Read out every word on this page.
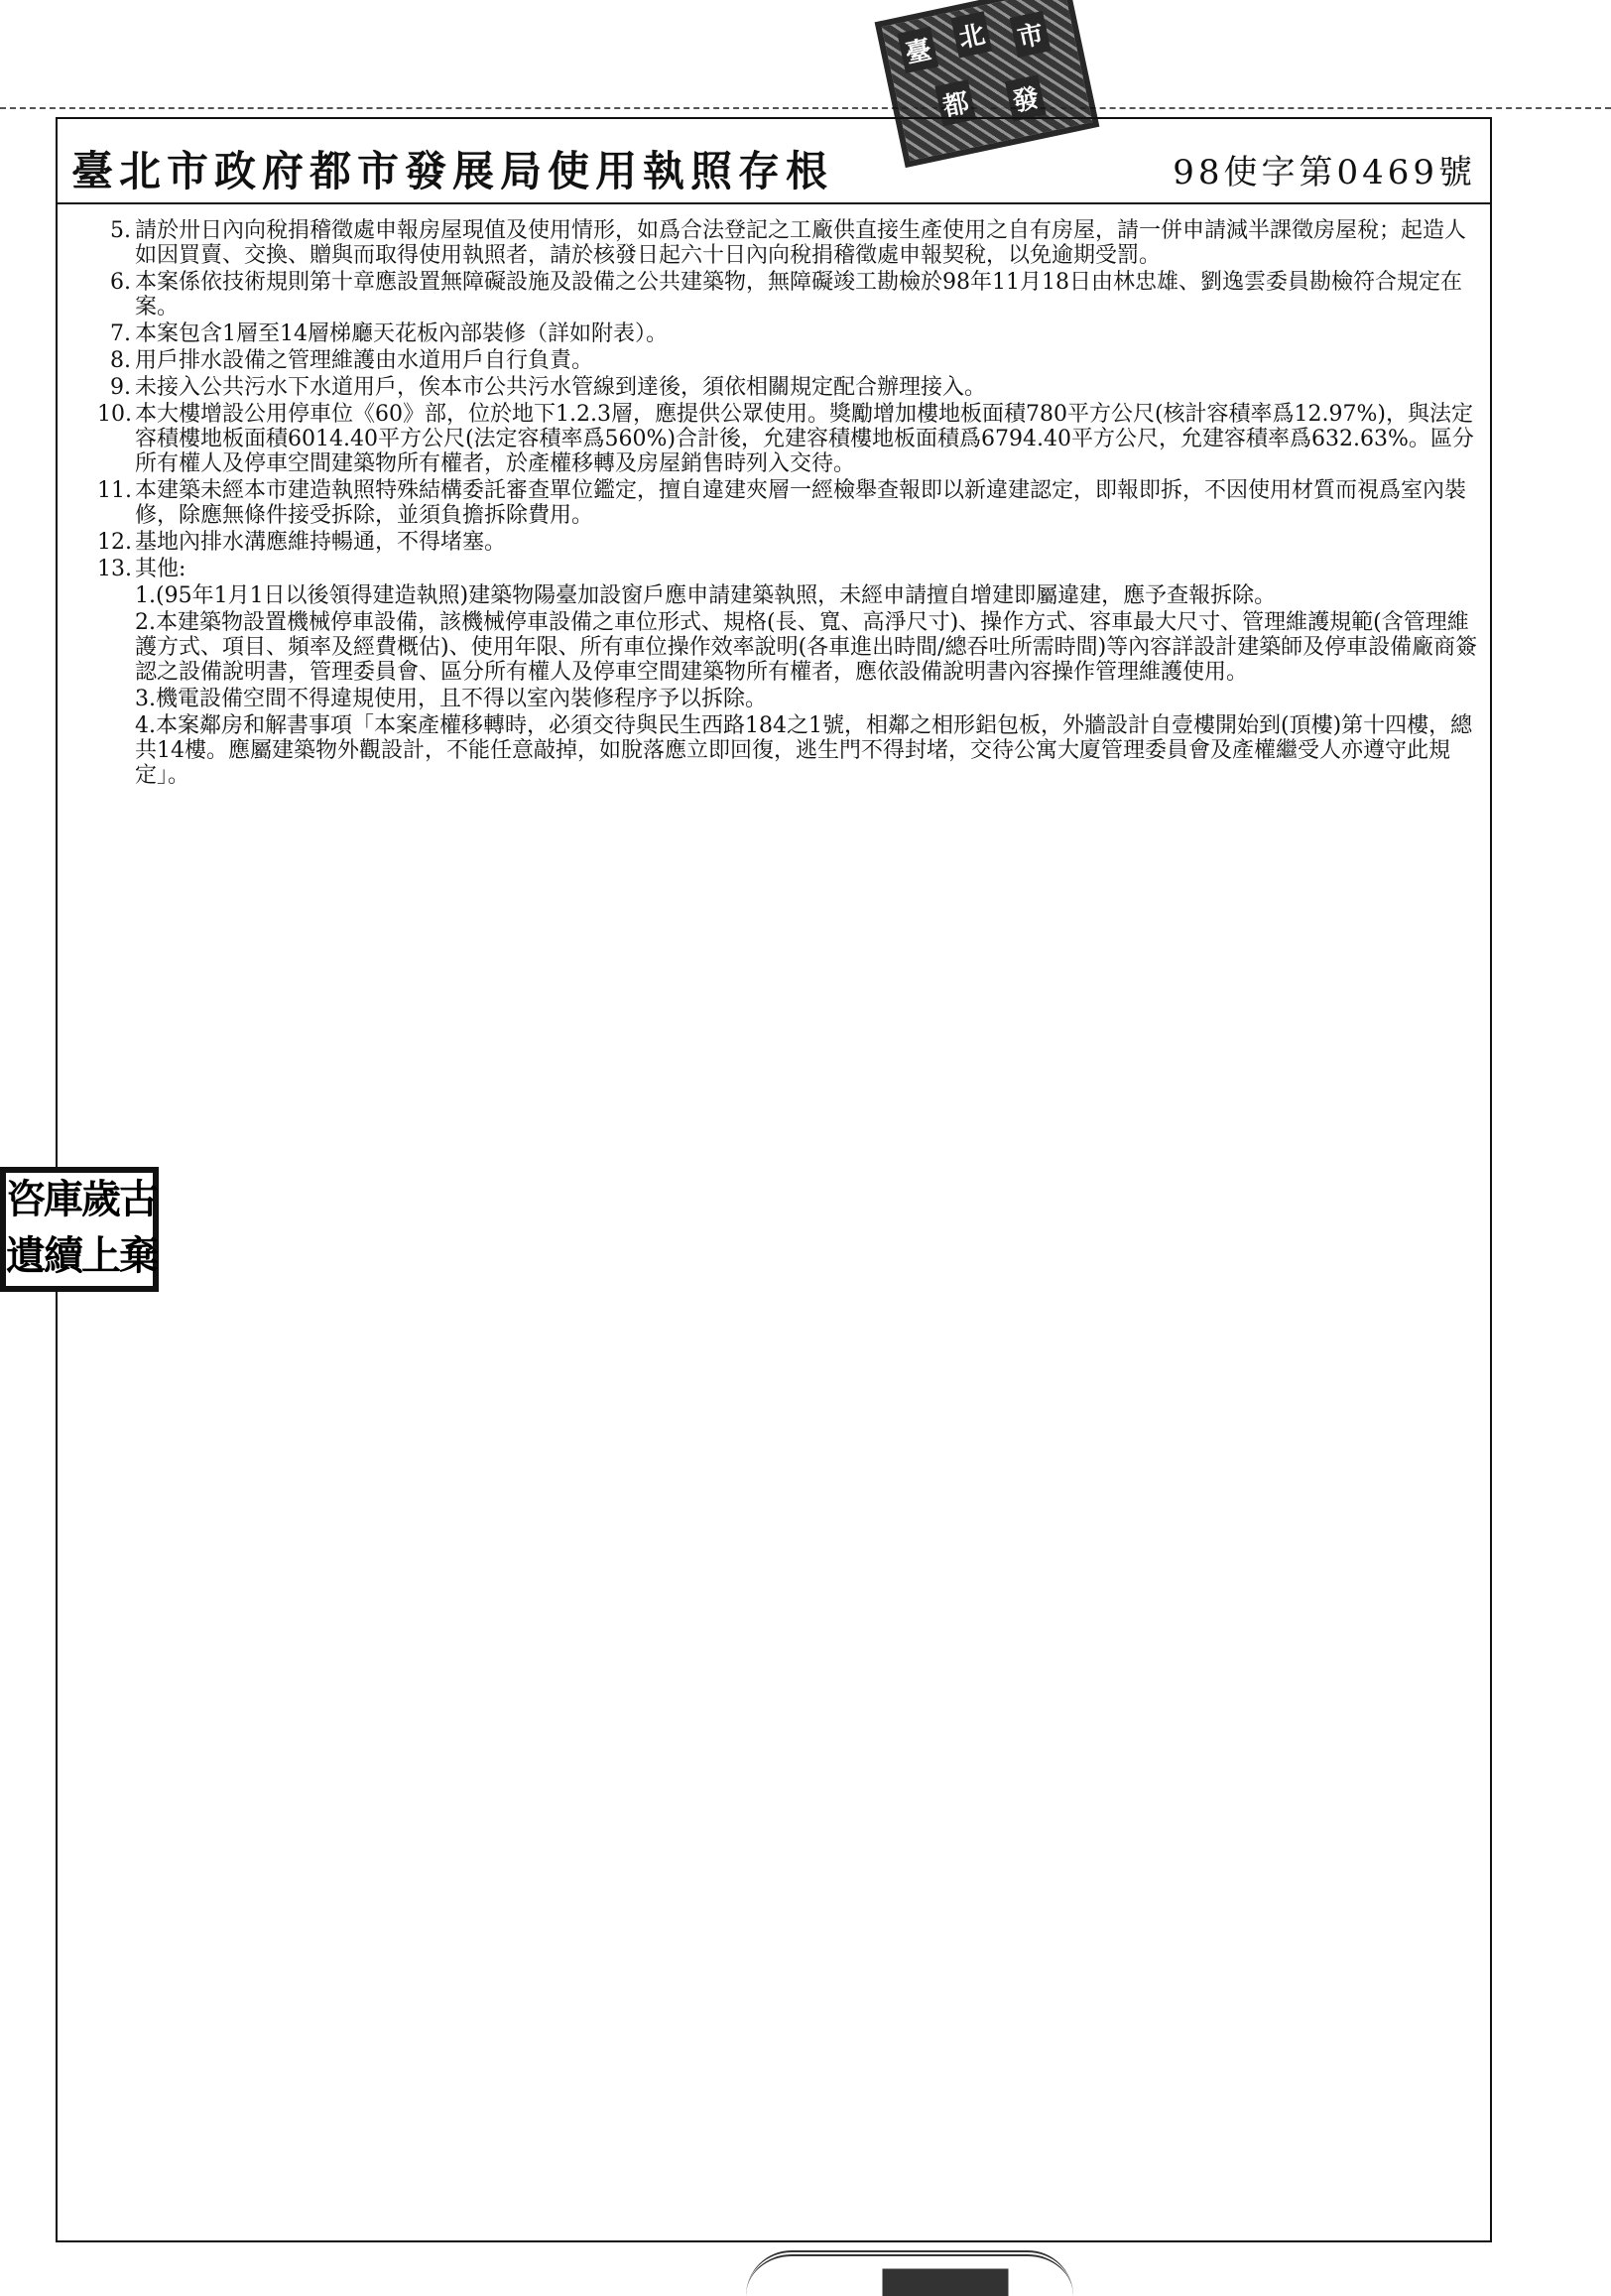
臺 北 市
都 發
臺北市政府都市發展局使用執照存根	98使字第0469號
5. 請於卅日內向稅捐稽徵處申報房屋現值及使用情形，如爲合法登記之工廠供直接生產使用之自有房屋，請一併申請減半課徵房屋稅；起造人如因買賣、交換、贈與而取得使用執照者，請於核發日起六十日內向稅捐稽徵處申報契稅，以免逾期受罰。
6. 本案係依技術規則第十章應設置無障礙設施及設備之公共建築物，無障礙竣工勘檢於98年11月18日由林忠雄、劉逸雲委員勘檢符合規定在案。
7. 本案包含1層至14層梯廳天花板內部裝修（詳如附表）。
8. 用戶排水設備之管理維護由水道用戶自行負責。
9. 未接入公共污水下水道用戶，俟本市公共污水管線到達後，須依相關規定配合辦理接入。
10. 本大樓增設公用停車位《60》部，位於地下1.2.3層，應提供公眾使用。獎勵增加樓地板面積780平方公尺(核計容積率爲12.97%)，與法定容積樓地板面積6014.40平方公尺(法定容積率爲560%)合計後，允建容積樓地板面積爲6794.40平方公尺，允建容積率爲632.63%。區分所有權人及停車空間建築物所有權者，於產權移轉及房屋銷售時列入交待。
11. 本建築未經本市建造執照特殊結構委託審查單位鑑定，擅自違建夾層一經檢舉查報即以新違建認定，即報即拆，不因使用材質而視爲室內裝修，除應無條件接受拆除，並須負擔拆除費用。
12. 基地內排水溝應維持暢通，不得堵塞。
13. 其他:
1.(95年1月1日以後領得建造執照)建築物陽臺加設窗戶應申請建築執照，未經申請擅自增建即屬違建，應予查報拆除。
2.本建築物設置機械停車設備，該機械停車設備之車位形式、規格(長、寬、高淨尺寸)、操作方式、容車最大尺寸、管理維護規範(含管理維護方式、項目、頻率及經費概估)、使用年限、所有車位操作效率說明(各車進出時間/總吞吐所需時間)等內容詳設計建築師及停車設備廠商簽認之設備說明書，管理委員會、區分所有權人及停車空間建築物所有權者，應依設備說明書內容操作管理維護使用。
3.機電設備空間不得違規使用，且不得以室內裝修程序予以拆除。
4.本案鄰房和解書事項「本案產權移轉時，必須交待與民生西路184之1號，相鄰之相形鋁包板，外牆設計自壹樓開始到(頂樓)第十四樓，總共14樓。應屬建築物外觀設計，不能任意敲掉，如脫落應立即回復，逃生門不得封堵，交待公寓大廈管理委員會及產權繼受人亦遵守此規定」。
咨 庫 歲 古
遺 續 上 棄
